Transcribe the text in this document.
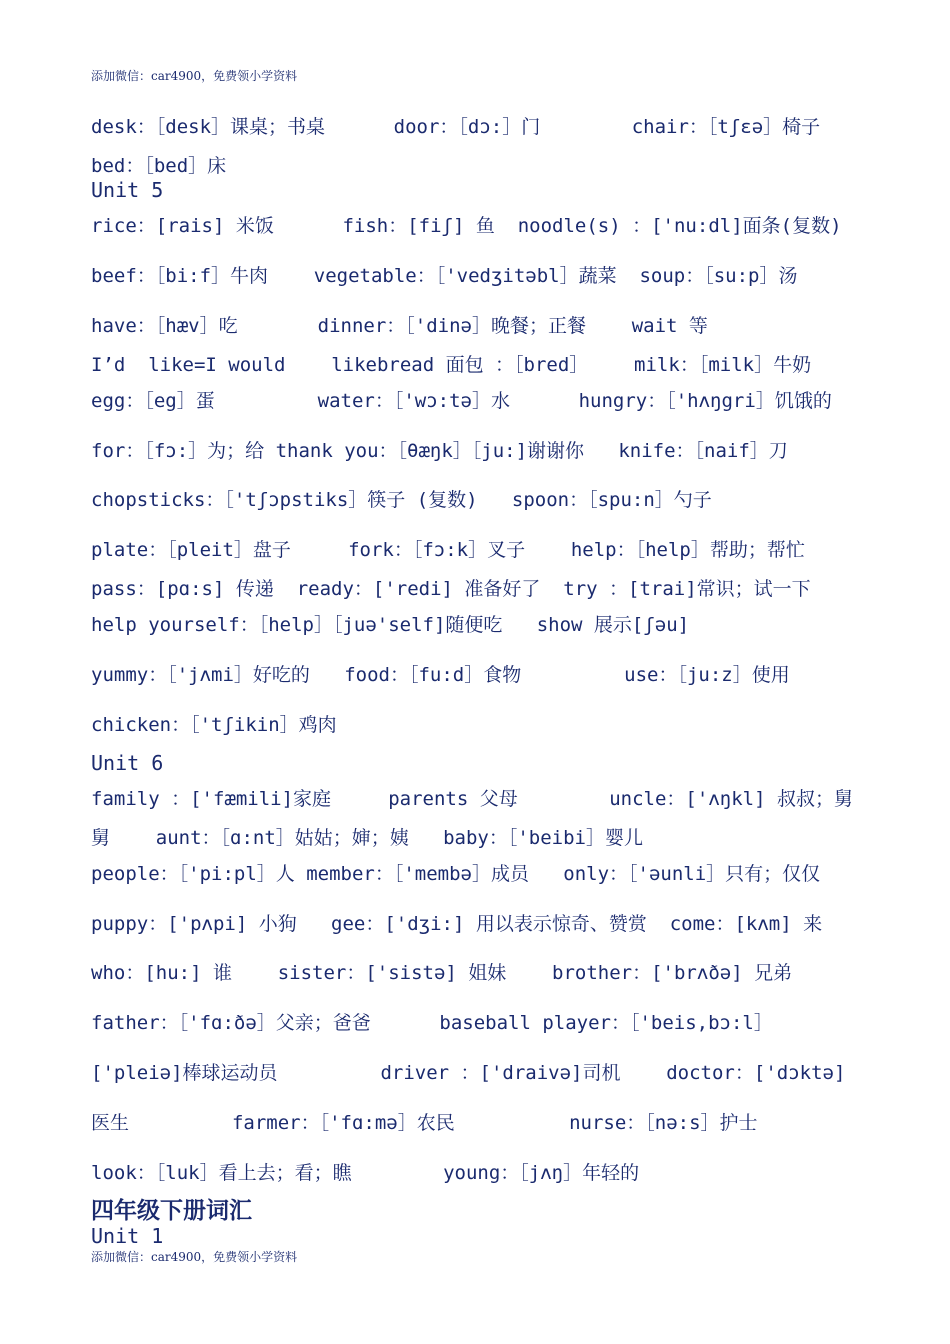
添加微信：car4900，免费领小学资料
desk：［desk］课桌；书桌      door：［dɔ:］门        chair：［tʃεə］椅子
bed：［bed］床
Unit 5
rice：[rais] 米饭      fish：[fiʃ] 鱼  noodle(s) ：['nu:dl]面条(复数)
beef：［bi:f］牛肉    vegetable：［'vedʒitəbl］蔬菜  soup：［su:p］汤
have：［hæv］吃       dinner：［'dinə］晚餐；正餐    wait 等
I’d  like=I would    likebread 面包 ：［bred］    milk：［milk］牛奶
egg：［eg］蛋         water：［'wɔ:tə］水      hungry：［'hʌŋgri］饥饿的
for：［fɔ:］为；给 thank you：［θæŋk］［ju:]谢谢你   knife：［naif］刀
chopsticks：［'tʃɔpstiks］筷子 (复数)   spoon：［spu:n］勺子
plate：［pleit］盘子     fork：［fɔ:k］叉子    help：［help］帮助；帮忙
pass：[pɑ:s] 传递  ready：['redi] 准备好了  try ：[trai]常识；试一下
help yourself：［help］［juə'self]随便吃   show 展示[ʃəu]
yummy：［'jʌmi］好吃的   food：［fu:d］食物         use：［ju:z］使用
chicken：［'tʃikin］鸡肉
Unit 6
family ：['fæmili]家庭     parents 父母        uncle：['ʌŋkl] 叔叔；舅
舅    aunt：［ɑ:nt］姑姑；婶；姨   baby：［'beibi］婴儿
people：［'pi:pl］人 member：［'membə］成员   only：［'əunli］只有；仅仅
puppy：['pʌpi] 小狗   gee：['dʒi:] 用以表示惊奇、赞赏  come：[kʌm] 来
who：[hu:] 谁    sister：['sistə] 姐妹    brother：['brʌðə] 兄弟
father：［'fɑ:ðə］父亲；爸爸      baseball player：［'beis,bɔ:l］
['pleiə]棒球运动员         driver ：['draivə]司机    doctor：['dɔktə]
医生         farmer：［'fɑ:mə］农民          nurse：［nə:s］护士
look：［luk］看上去；看；瞧        young：［jʌŋ］年轻的
四年级下册词汇
Unit 1
添加微信：car4900，免费领小学资料
